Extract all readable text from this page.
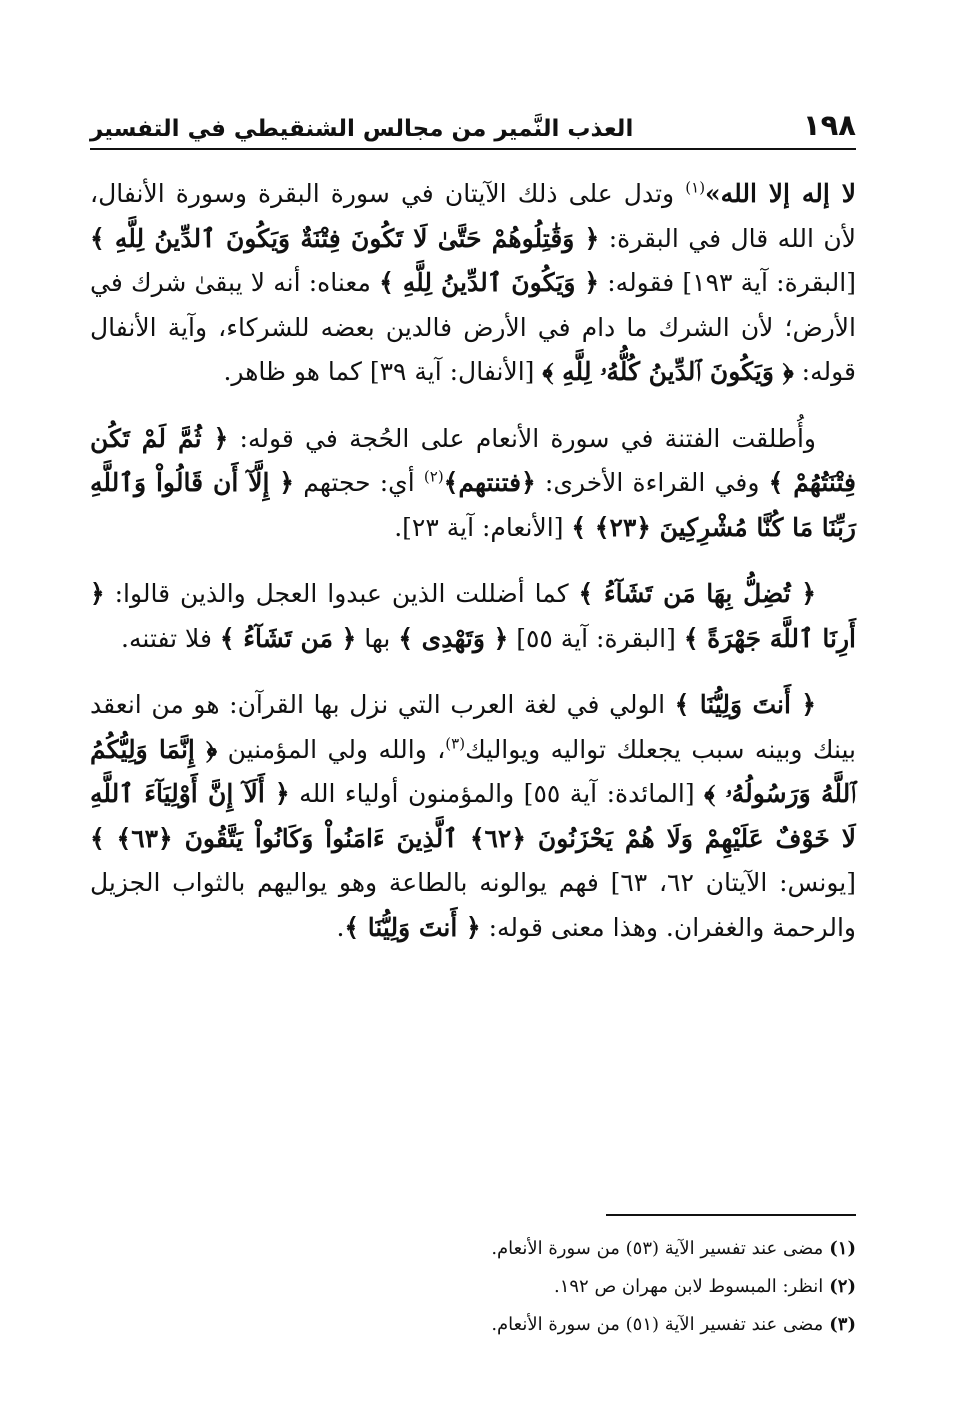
١٩٨
العذب النَّمير من مجالس الشنقيطي في التفسير

لا إله إلا الله»$^{(١)}$ وتدل على ذلك الآيتان في سورة البقرة وسورة الأنفال، لأن الله قال في البقرة: ﴿ وَقَٰتِلُوهُمْ حَتَّىٰ لَا تَكُونَ فِتْنَةٌ وَيَكُونَ ٱلدِّينُ لِلَّهِ ﴾ [البقرة: آية ١٩٣] فقوله: ﴿ وَيَكُونَ ٱلدِّينُ لِلَّهِ ﴾ معناه: أنه لا يبقىٰ شرك في الأرض؛ لأن الشرك ما دام في الأرض فالدين بعضه للشركاء، وآية الأنفال قوله: ﴿ وَيَكُونَ ٱلدِّينُ كُلُّهُۥ لِلَّهِ ﴾ [الأنفال: آية ٣٩] كما هو ظاهر.

وأُطلقت الفتنة في سورة الأنعام على الحُجة في قوله: ﴿ ثُمَّ لَمْ تَكُن فِتْنَتُهُمْ ﴾ وفي القراءة الأخرى: ﴿فتنتهم﴾$^{(٢)}$ أي: حجتهم ﴿ إِلَّآ أَن قَالُواْ وَٱللَّهِ رَبِّنَا مَا كُنَّا مُشْرِكِينَ ﴿٢٣﴾ ﴾ [الأنعام: آية ٢٣].

﴿ تُضِلُّ بِهَا مَن تَشَآءُ ﴾ كما أضللت الذين عبدوا العجل والذين قالوا: ﴿ أَرِنَا ٱللَّهَ جَهْرَةً ﴾ [البقرة: آية ٥٥] ﴿ وَتَهْدِى ﴾ بها ﴿ مَن تَشَآءُ ﴾ فلا تفتنه.

﴿ أَنتَ وَلِيُّنَا ﴾ الولي في لغة العرب التي نزل بها القرآن: هو من انعقد بينك وبينه سبب يجعلك تواليه ويواليك$^{(٣)}$، والله ولي المؤمنين ﴿ إِنَّمَا وَلِيُّكُمُ ٱللَّهُ وَرَسُولُهُۥ ﴾ [المائدة: آية ٥٥] والمؤمنون أولياء الله ﴿ أَلَآ إِنَّ أَوْلِيَآءَ ٱللَّهِ لَا خَوْفٌ عَلَيْهِمْ وَلَا هُمْ يَحْزَنُونَ ﴿٦٢﴾ ٱلَّذِينَ ءَامَنُواْ وَكَانُواْ يَتَّقُونَ ﴿٦٣﴾ ﴾ [يونس: الآيتان ٦٢، ٦٣] فهم يوالونه بالطاعة وهو يواليهم بالثواب الجزيل والرحمة والغفران. وهذا معنى قوله: ﴿ أَنتَ وَلِيُّنَا ﴾.

(١)مضى عند تفسير الآية (٥٣) من سورة الأنعام.

(٢)انظر: المبسوط لابن مهران ص ١٩٢.

(٣)مضى عند تفسير الآية (٥١) من سورة الأنعام.
